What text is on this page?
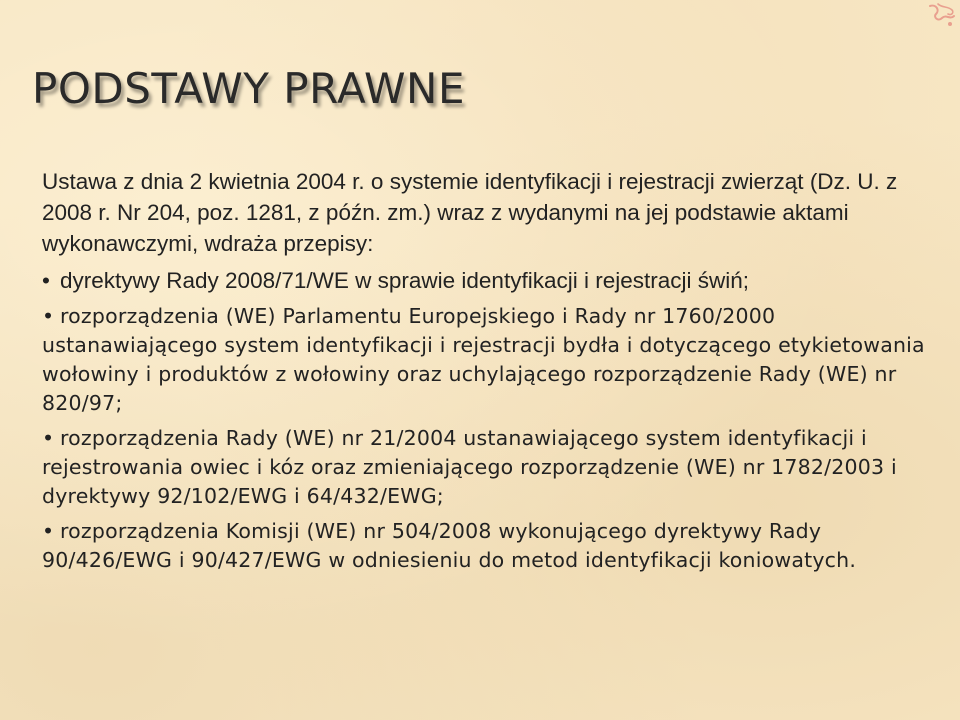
PODSTAWY PRAWNE

Ustawa z dnia 2 kwietnia 2004 r. o systemie identyfikacji i rejestracji zwierząt (Dz. U. z 2008 r. Nr 204, poz. 1281, z późn. zm.) wraz z wydanymi na jej podstawie aktami wykonawczymi, wdraża przepisy:

• dyrektywy Rady 2008/71/WE w sprawie identyfikacji i rejestracji świń;

• rozporządzenia (WE) Parlamentu Europejskiego i Rady nr 1760/2000 ustanawiającego system identyfikacji i rejestracji bydła i dotyczącego etykietowania wołowiny i produktów z wołowiny oraz uchylającego rozporządzenie Rady (WE) nr 820/97;

• rozporządzenia Rady (WE) nr 21/2004 ustanawiającego system identyfikacji i rejestrowania owiec i kóz oraz zmieniającego rozporządzenie (WE) nr 1782/2003 i dyrektywy 92/102/EWG i 64/432/EWG;

• rozporządzenia Komisji (WE) nr 504/2008 wykonującego dyrektywy Rady 90/426/EWG i 90/427/EWG w odniesieniu do metod identyfikacji koniowatych.
